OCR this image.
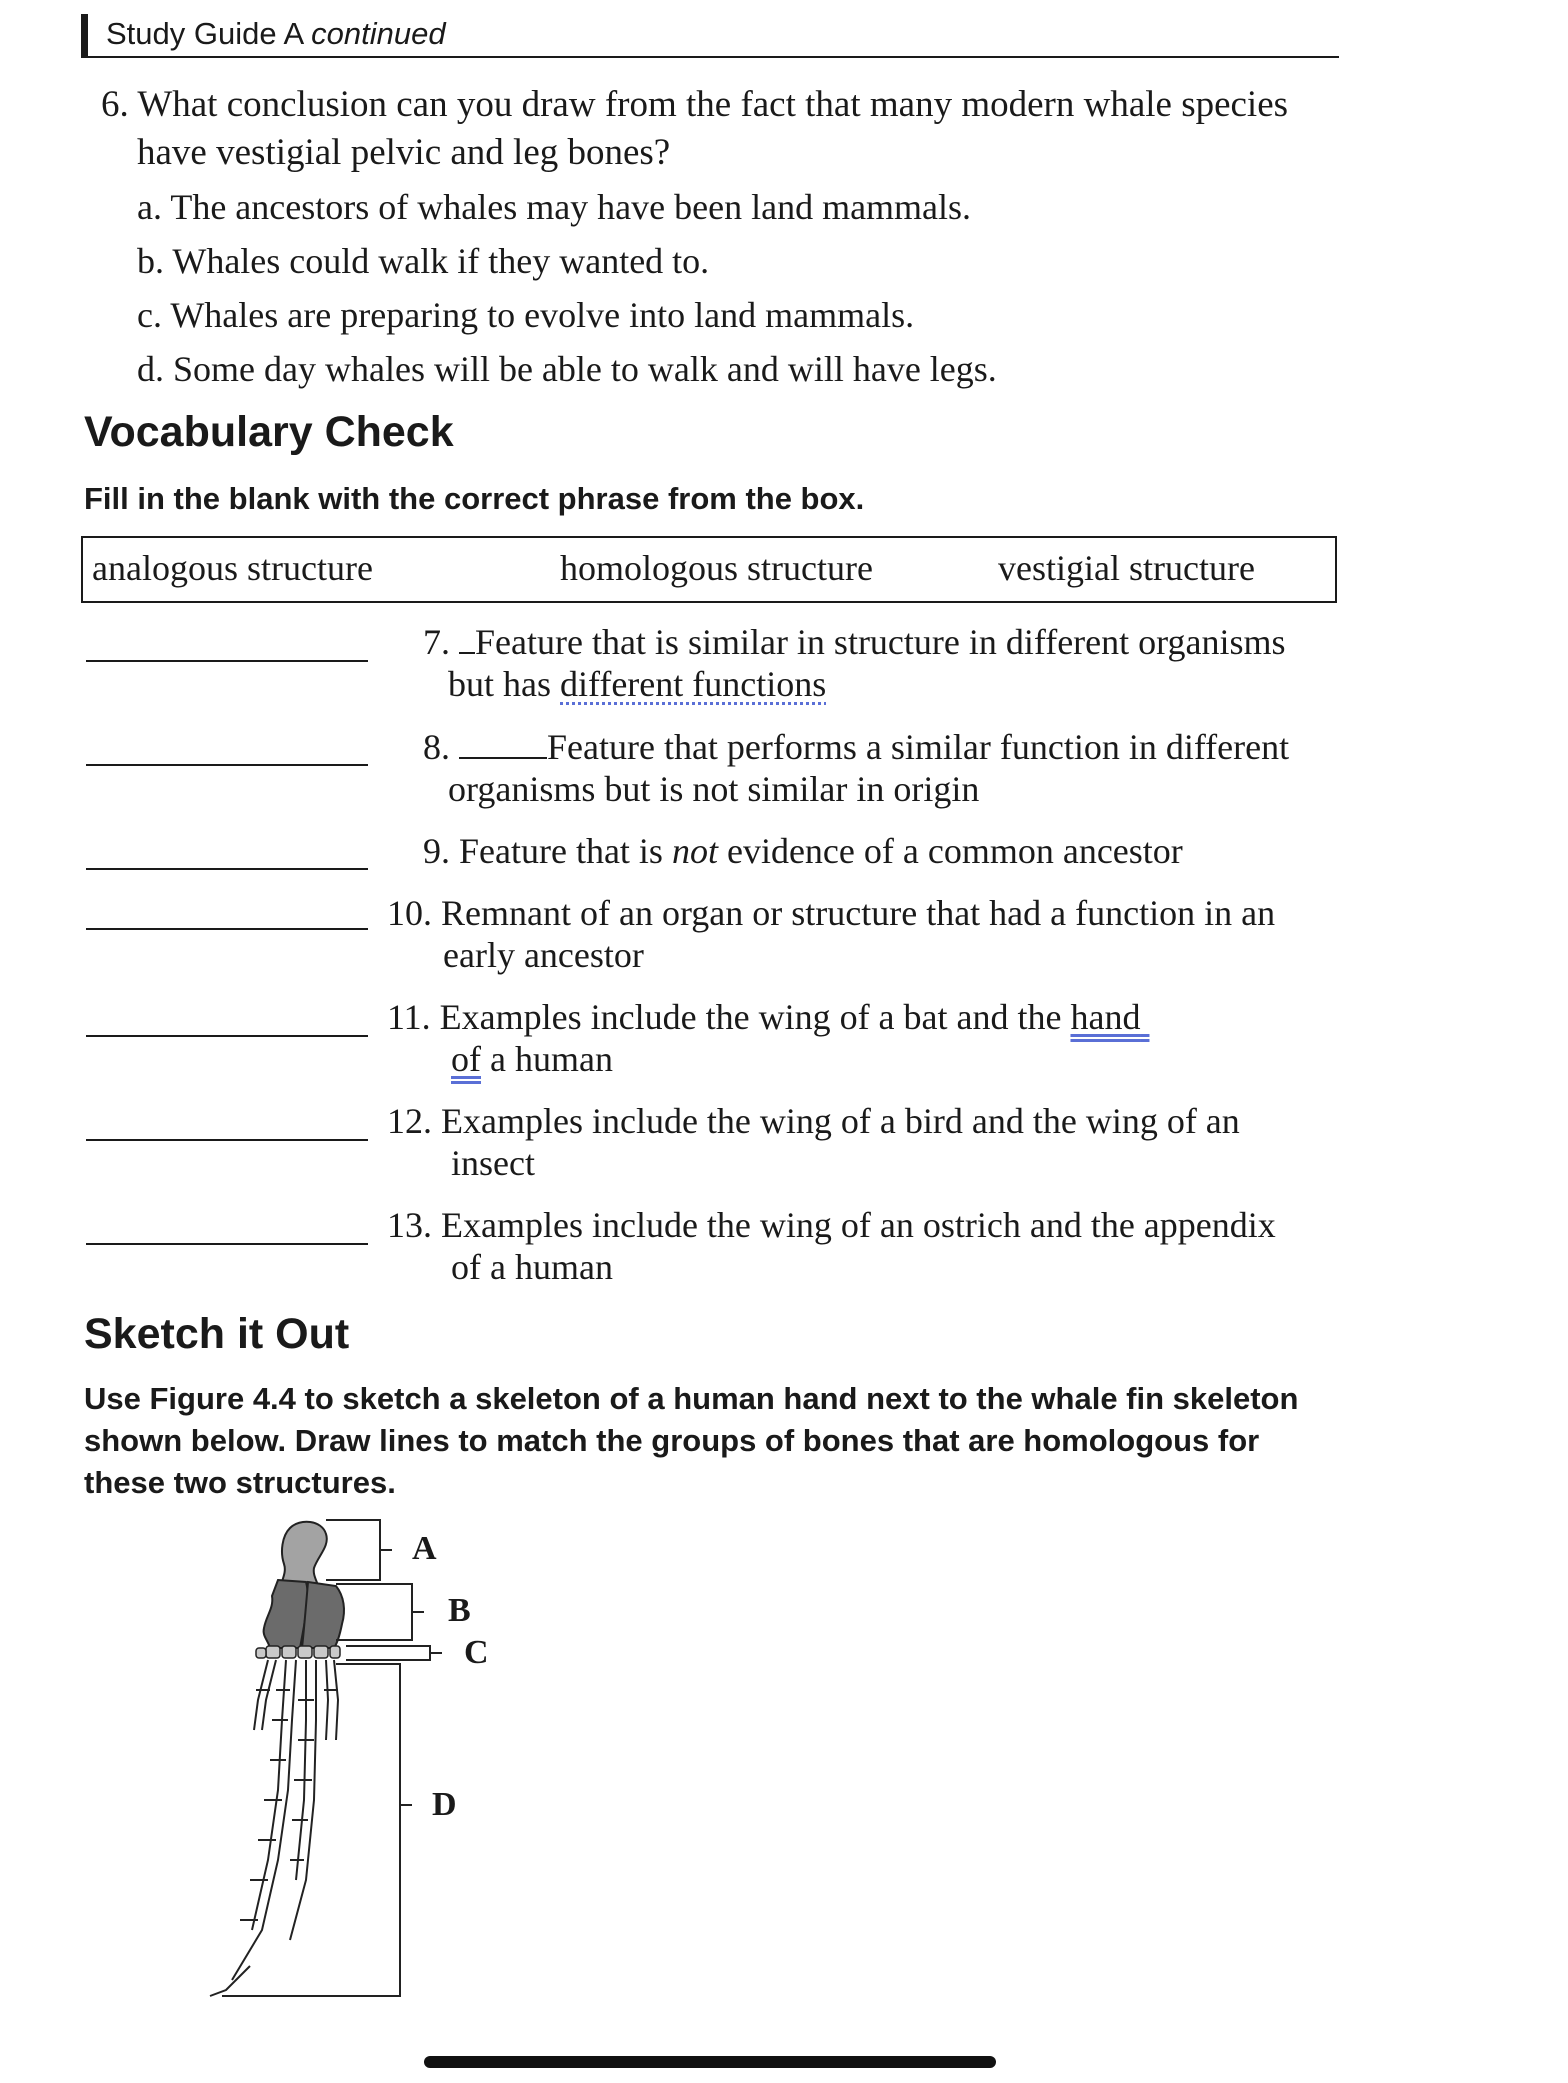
Study Guide A continued
6. What conclusion can you draw from the fact that many modern whale species
have vestigial pelvic and leg bones?
a. The ancestors of whales may have been land mammals.
b. Whales could walk if they wanted to.
c. Whales are preparing to evolve into land mammals.
d. Some day whales will be able to walk and will have legs.
Vocabulary Check
Fill in the blank with the correct phrase from the box.
analogous structure	homologous structure	vestigial structure
7. Feature that is similar in structure in different organisms
but has different functions
8.	Feature that performs a similar function in different
organisms but is not similar in origin
9. Feature that is not evidence of a common ancestor
10. Remnant of an organ or structure that had a function in an
early ancestor
11. Examples include the wing of a bat and the hand
of a human
12. Examples include the wing of a bird and the wing of an
insect
13. Examples include the wing of an ostrich and the appendix
of a human
Sketch it Out
Use Figure 4.4 to sketch a skeleton of a human hand next to the whale fin skeleton
shown below. Draw lines to match the groups of bones that are homologous for
these two structures.
A
B
C
D
